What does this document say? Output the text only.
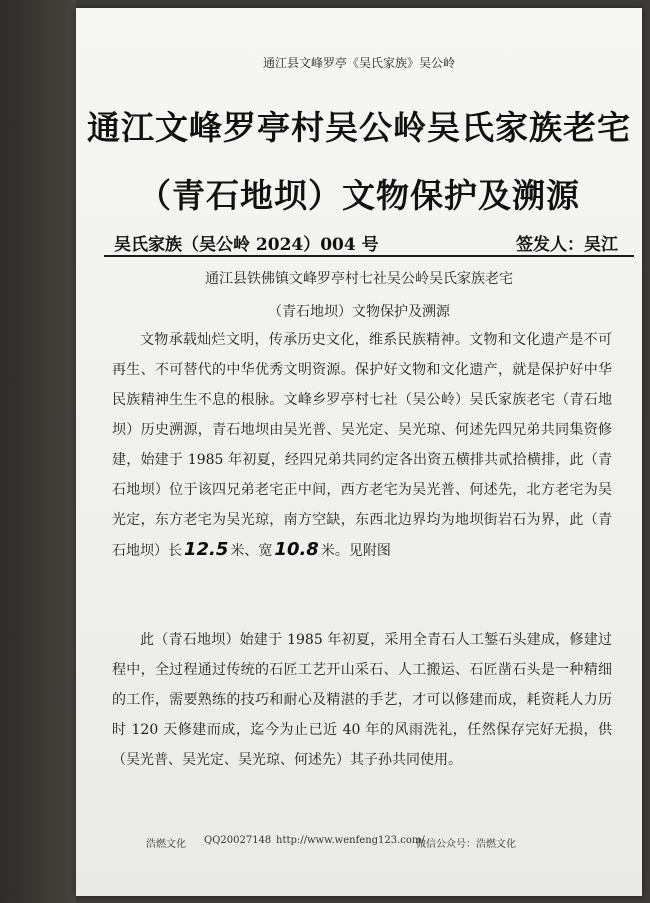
通江县文峰罗亭《吴氏家族》吴公岭
通江文峰罗亭村吴公岭吴氏家族老宅
（青石地坝）文物保护及溯源
吴氏家族（吴公岭 2024）004 号	签发人：吴江
通江县铁佛镇文峰罗亭村七社吴公岭吴氏家族老宅
（青石地坝）文物保护及溯源

文物承载灿烂文明，传承历史文化，维系民族精神。文物和文化遗产是不可再生、不可替代的中华优秀文明资源。保护好文物和文化遗产，就是保护好中华民族精神生生不息的根脉。文峰乡罗亭村七社（吴公岭）吴氏家族老宅（青石地坝）历史溯源，青石地坝由吴光普、吴光定、吴光琼、何述先四兄弟共同集资修建，始建于 1985 年初夏，经四兄弟共同约定各出资五横排共贰拾横排，此（青石地坝）位于该四兄弟老宅正中间，西方老宅为吴光普、何述先，北方老宅为吴光定，东方老宅为吴光琼，南方空缺，东西北边界均为地坝街岩石为界，此（青石地坝）长 12.5 米、宽 10.8 米。见附图

此（青石地坝）始建于 1985 年初夏，采用全青石人工錾石头建成，修建过程中，全过程通过传统的石匠工艺开山采石、人工搬运、石匠凿石头是一种精细的工作，需要熟练的技巧和耐心及精湛的手艺，才可以修建而成，耗资耗人力历时 120 天修建而成，迄今为止已近 40 年的风雨洗礼，任然保存完好无损，供（吴光普、吴光定、吴光琼、何述先）其子孙共同使用。

浩燃文化 QQ20027148 http://www.wenfeng123.com/
微信公众号：浩燃文化
